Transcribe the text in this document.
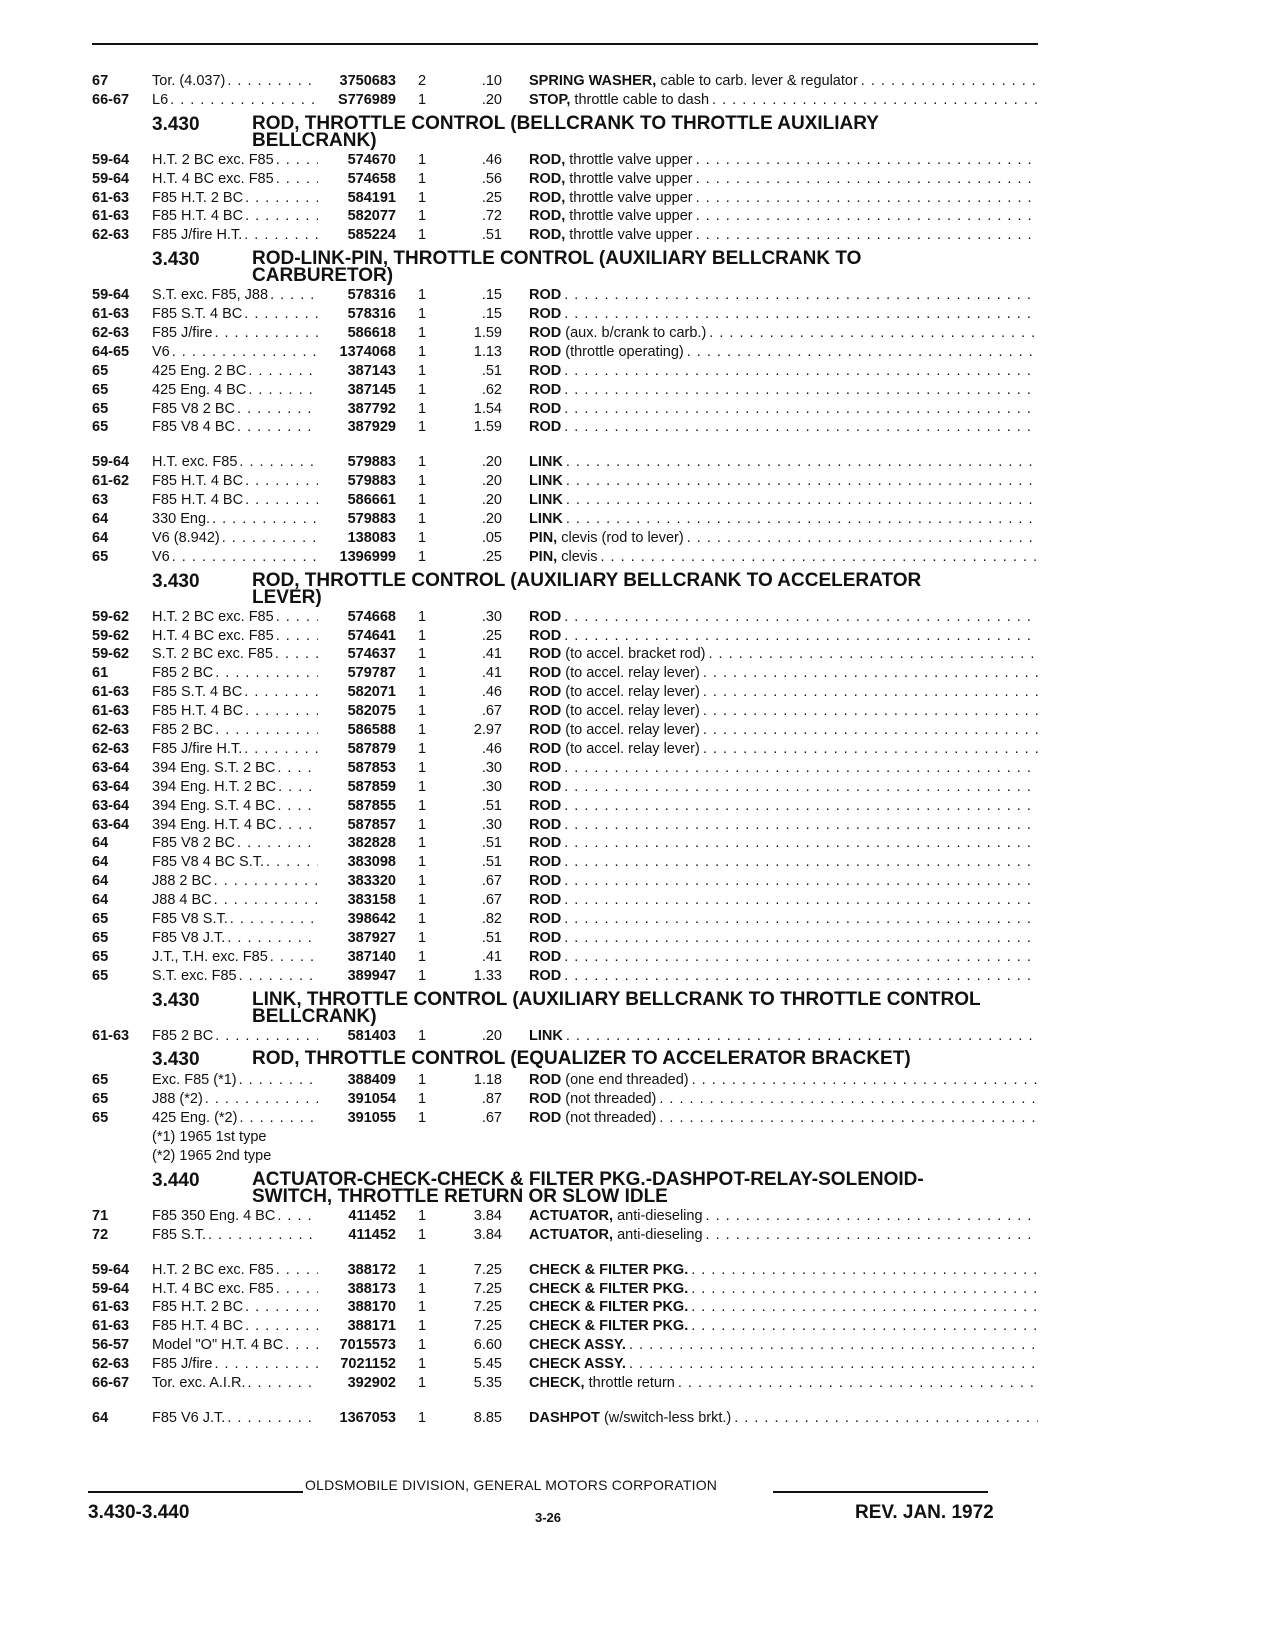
67	Tor. (4.037) . . .	3750683	2	.10 SPRING WASHER, cable to carb. lever & regulator
. . .
66-67	L6 . . .	S776989	1	.20 STOP, throttle cable to dash
. . .
3.430	ROD, THROTTLE CONTROL (BELLCRANK TO THROTTLE AUXILIARY BELLCRANK)
59-64	H.T. 2 BC exc. F85 . . .	574670	1	.46 ROD, throttle valve upper
. . .
59-64	H.T. 4 BC exc. F85 . . .	574658	1	.56 ROD, throttle valve upper
. . .
61-63	F85 H.T. 2 BC . . .	584191	1	.25 ROD, throttle valve upper
. . .
61-63	F85 H.T. 4 BC . . .	582077	1	.72 ROD, throttle valve upper
. . .
62-63	F85 J/fire H.T. . . .	585224	1	.51 ROD, throttle valve upper
. . .
3.430	ROD-LINK-PIN, THROTTLE CONTROL (AUXILIARY BELLCRANK TO CARBURETOR)
59-64	S.T. exc. F85, J88 . . .	578316	1	.15 ROD
. . .
61-63	F85 S.T. 4 BC . . .	578316	1	.15 ROD
. . .
62-63	F85 J/fire . . .	586618	1	1.59 ROD (aux. b/crank to carb.)
. . .
64-65	V6 . . .	1374068	1	1.13 ROD (throttle operating)
. . .
65	425 Eng. 2 BC . . .	387143	1	.51 ROD
. . .
65	425 Eng. 4 BC . . .	387145	1	.62 ROD
. . .
65	F85 V8 2 BC . . .	387792	1	1.54 ROD
. . .
65	F85 V8 4 BC . . .	387929	1	1.59 ROD
. . .
59-64	H.T. exc. F85 . . .	579883	1	.20 LINK
. . .
61-62	F85 H.T. 4 BC . . .	579883	1	.20 LINK
. . .
63	F85 H.T. 4 BC . . .	586661	1	.20 LINK
. . .
64	330 Eng. . . .	579883	1	.20 LINK
. . .
64	V6 (8.942) . . .	138083	1	.05 PIN, clevis (rod to lever)
. . .
65	V6 . . .	1396999	1	.25 PIN, clevis
. . .
3.430	ROD, THROTTLE CONTROL (AUXILIARY BELLCRANK TO ACCELERATOR LEVER)
59-62	H.T. 2 BC exc. F85 . . .	574668	1	.30 ROD
. . .
59-62	H.T. 4 BC exc. F85 . . .	574641	1	.25 ROD
. . .
59-62	S.T. 2 BC exc. F85 . . .	574637	1	.41 ROD (to accel. bracket rod)
. . .
61	F85 2 BC . . .	579787	1	.41 ROD (to accel. relay lever)
. . .
61-63	F85 S.T. 4 BC . . .	582071	1	.46 ROD (to accel. relay lever)
. . .
61-63	F85 H.T. 4 BC . . .	582075	1	.67 ROD (to accel. relay lever)
. . .
62-63	F85 2 BC . . .	586588	1	2.97 ROD (to accel. relay lever)
. . .
62-63	F85 J/fire H.T. . . .	587879	1	.46 ROD (to accel. relay lever)
. . .
63-64	394 Eng. S.T. 2 BC . . .	587853	1	.30 ROD
. . .
63-64	394 Eng. H.T. 2 BC . . .	587859	1	.30 ROD
. . .
63-64	394 Eng. S.T. 4 BC . . .	587855	1	.51 ROD
. . .
63-64	394 Eng. H.T. 4 BC . . .	587857	1	.30 ROD
. . .
64	F85 V8 2 BC . . .	382828	1	.51 ROD
. . .
64	F85 V8 4 BC S.T. . . .	383098	1	.51 ROD
. . .
64	J88 2 BC . . .	383320	1	.67 ROD
. . .
64	J88 4 BC . . .	383158	1	.67 ROD
. . .
65	F85 V8 S.T. . . .	398642	1	.82 ROD
. . .
65	F85 V8 J.T. . . .	387927	1	.51 ROD
. . .
65	J.T., T.H. exc. F85 . . .	387140	1	.41 ROD
. . .
65	S.T. exc. F85 . . .	389947	1	1.33 ROD
. . .
3.430	LINK, THROTTLE CONTROL (AUXILIARY BELLCRANK TO THROTTLE CONTROL BELLCRANK)
61-63	F85 2 BC . . .	581403	1	.20 LINK
. . .
3.430	ROD, THROTTLE CONTROL (EQUALIZER TO ACCELERATOR BRACKET)
65	Exc. F85 (*1) . . .	388409	1	1.18 ROD (one end threaded)
. . .
65	J88 (*2) . . .	391054	1	.87 ROD (not threaded)
. . .
65	425 Eng. (*2) . . .	391055	1	.67 ROD (not threaded)
. . .
(*1) 1965 1st type
(*2) 1965 2nd type
3.440	ACTUATOR-CHECK-CHECK & FILTER PKG.-DASHPOT-RELAY-SOLENOID-SWITCH, THROTTLE RETURN OR SLOW IDLE
71	F85 350 Eng. 4 BC . . .	411452	1	3.84 ACTUATOR, anti-dieseling
. . .
72	F85 S.T. . . .	411452	1	3.84 ACTUATOR, anti-dieseling
. . .
59-64	H.T. 2 BC exc. F85 . . .	388172	1	7.25 CHECK & FILTER PKG.
. . .
59-64	H.T. 4 BC exc. F85 . . .	388173	1	7.25 CHECK & FILTER PKG.
. . .
61-63	F85 H.T. 2 BC . . .	388170	1	7.25 CHECK & FILTER PKG.
. . .
61-63	F85 H.T. 4 BC . . .	388171	1	7.25 CHECK & FILTER PKG.
. . .
56-57	Model "O" H.T. 4 BC . . .	7015573	1	6.60 CHECK ASSY.
. . .
62-63	F85 J/fire . . .	7021152	1	5.45 CHECK ASSY.
. . .
66-67	Tor. exc. A.I.R. . . .	392902	1	5.35 CHECK, throttle return
. . .
64	F85 V6 J.T. . . .	1367053	1	8.85 DASHPOT (w/switch-less brkt.)
. . .
OLDSMOBILE DIVISION, GENERAL MOTORS CORPORATION
3.430-3.440	3-26	REV. JAN. 1972
